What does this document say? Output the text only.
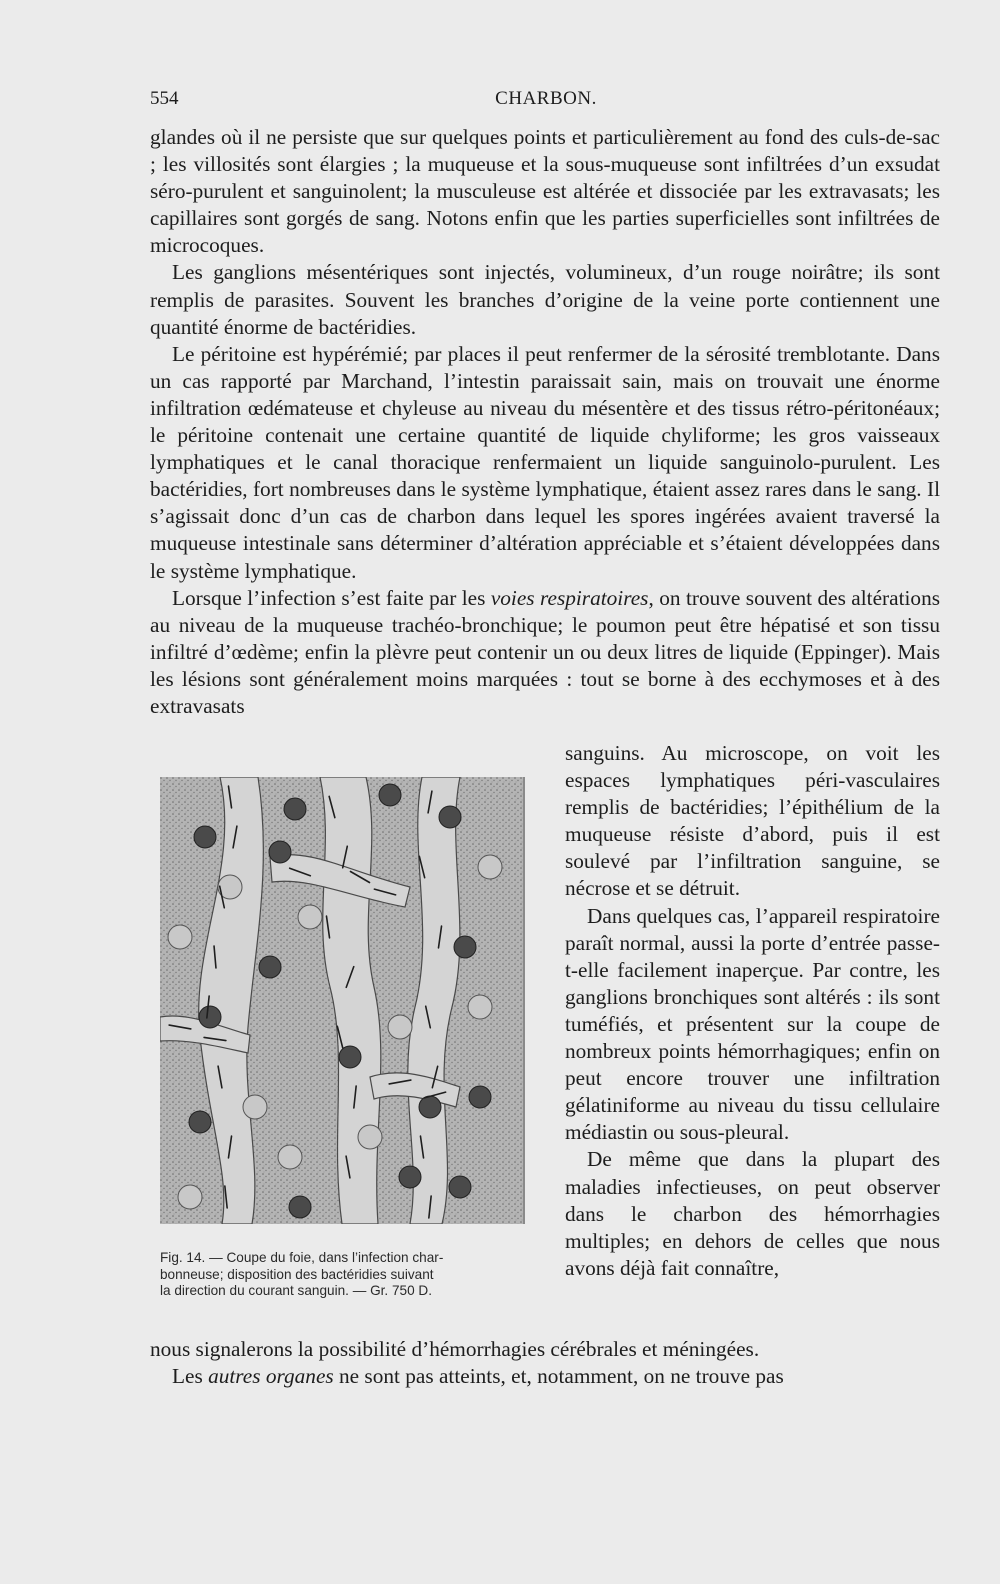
554	CHARBON.

glandes où il ne persiste que sur quelques points et particulièrement au fond des culs-de-sac ; les villosités sont élargies ; la muqueuse et la sous-muqueuse sont infiltrées d’un exsudat séro-purulent et sanguinolent; la musculeuse est altérée et dissociée par les extravasats; les capillaires sont gorgés de sang. Notons enfin que les parties superficielles sont infiltrées de microcoques.

Les ganglions mésentériques sont injectés, volumineux, d’un rouge noirâtre; ils sont remplis de parasites. Souvent les branches d’origine de la veine porte contiennent une quantité énorme de bactéridies.

Le péritoine est hypérémié; par places il peut renfermer de la sérosité tremblotante. Dans un cas rapporté par Marchand, l’intestin paraissait sain, mais on trouvait une énorme infiltration œdémateuse et chyleuse au niveau du mésentère et des tissus rétro-péritonéaux; le péritoine contenait une certaine quantité de liquide chyliforme; les gros vaisseaux lymphatiques et le canal thoracique renfermaient un liquide sanguinolo-purulent. Les bactéridies, fort nombreuses dans le système lymphatique, étaient assez rares dans le sang. Il s’agissait donc d’un cas de charbon dans lequel les spores ingérées avaient traversé la muqueuse intestinale sans déterminer d’altération appréciable et s’étaient développées dans le système lymphatique.

Lorsque l’infection s’est faite par les voies respiratoires, on trouve souvent des altérations au niveau de la muqueuse trachéo-bronchique; le poumon peut être hépatisé et son tissu infiltré d’œdème; enfin la plèvre peut contenir un ou deux litres de liquide (Eppinger). Mais les lésions sont généralement moins marquées : tout se borne à des ecchymoses et à des extravasats

Fig. 14. — Coupe du foie, dans l’infection char-
bonneuse; disposition des bactéridies suivant
la direction du courant sanguin. — Gr. 750 D.

sanguins. Au microscope, on voit les espaces lymphatiques péri-vasculaires remplis de bactéridies; l’épithélium de la muqueuse résiste d’abord, puis il est soulevé par l’infiltration sanguine, se nécrose et se détruit.

Dans quelques cas, l’appareil respiratoire paraît normal, aussi la porte d’entrée passe-t-elle facilement inaperçue. Par contre, les ganglions bronchiques sont altérés : ils sont tuméfiés, et présentent sur la coupe de nombreux points hémorrhagiques; enfin on peut encore trouver une infiltration gélatiniforme au niveau du tissu cellulaire médiastin ou sous-pleural.

De même que dans la plupart des maladies infectieuses, on peut observer dans le charbon des hémorrhagies multiples; en dehors de celles que nous avons déjà fait connaître,

nous signalerons la possibilité d’hémorrhagies cérébrales et méningées.

Les autres organes ne sont pas atteints, et, notamment, on ne trouve pas
